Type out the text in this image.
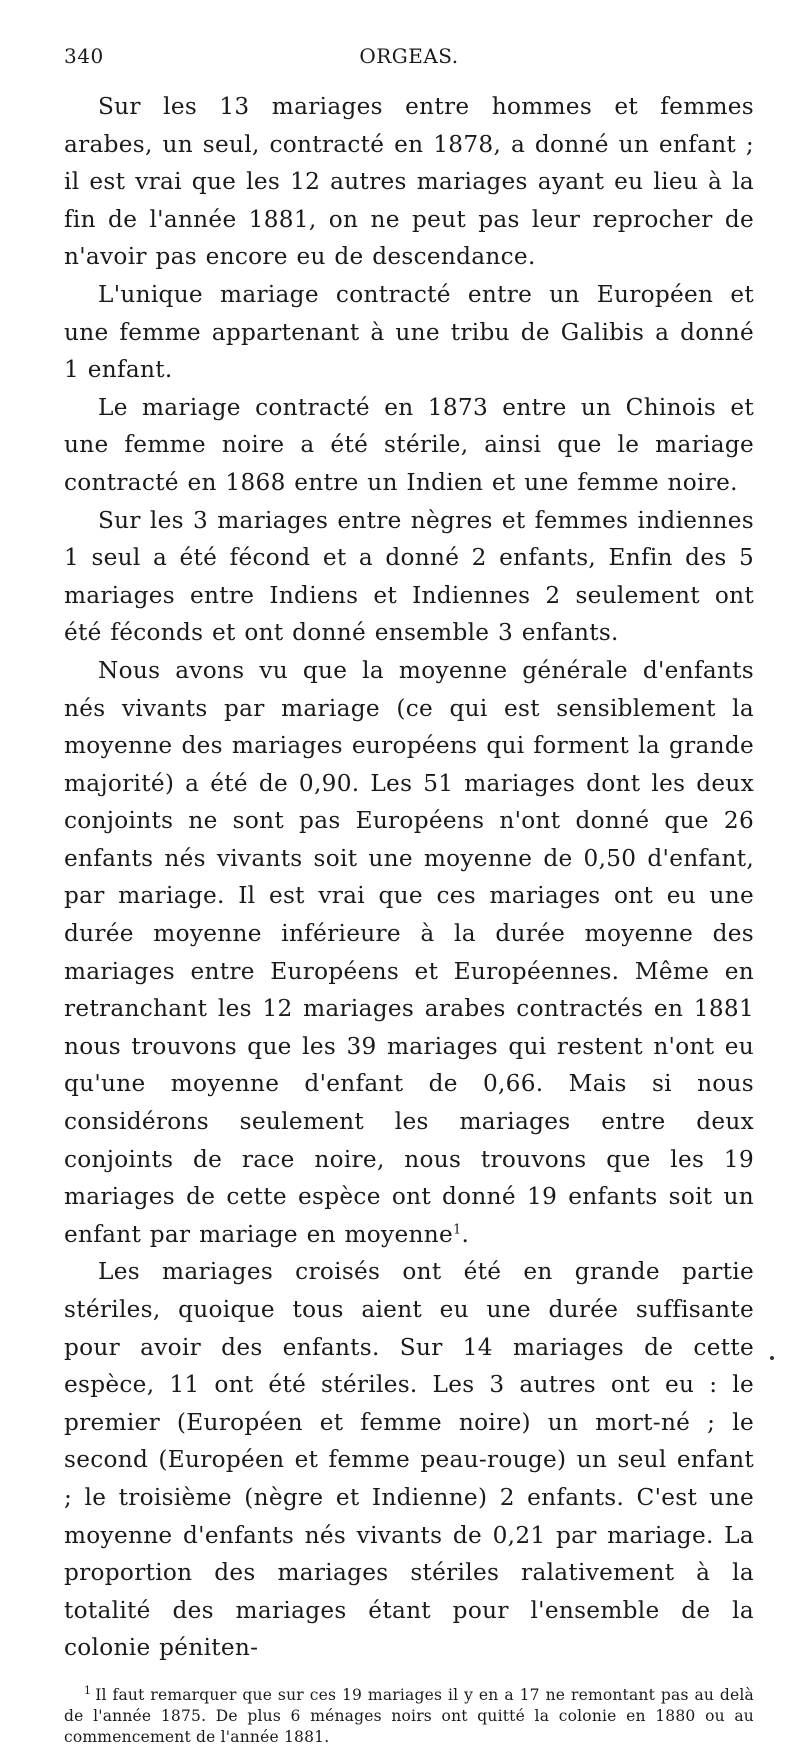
340	ORGEAS.

Sur les 13 mariages entre hommes et femmes arabes, un seul, contracté en 1878, a donné un enfant ; il est vrai que les 12 autres mariages ayant eu lieu à la fin de l'année 1881, on ne peut pas leur reprocher de n'avoir pas encore eu de descendance.

L'unique mariage contracté entre un Européen et une femme appartenant à une tribu de Galibis a donné 1 enfant.

Le mariage contracté en 1873 entre un Chinois et une femme noire a été stérile, ainsi que le mariage contracté en 1868 entre un Indien et une femme noire.

Sur les 3 mariages entre nègres et femmes indiennes 1 seul a été fécond et a donné 2 enfants, Enfin des 5 mariages entre Indiens et Indiennes 2 seulement ont été féconds et ont donné ensemble 3 enfants.

Nous avons vu que la moyenne générale d'enfants nés vivants par mariage (ce qui est sensiblement la moyenne des mariages européens qui forment la grande majorité) a été de 0,90. Les 51 mariages dont les deux conjoints ne sont pas Européens n'ont donné que 26 enfants nés vivants soit une moyenne de 0,50 d'enfant, par mariage. Il est vrai que ces mariages ont eu une durée moyenne inférieure à la durée moyenne des mariages entre Européens et Européennes. Même en retranchant les 12 mariages arabes contractés en 1881 nous trouvons que les 39 mariages qui restent n'ont eu qu'une moyenne d'enfant de 0,66. Mais si nous considérons seulement les mariages entre deux conjoints de race noire, nous trouvons que les 19 mariages de cette espèce ont donné 19 enfants soit un enfant par mariage en moyenne$^1$.

Les mariages croisés ont été en grande partie stériles, quoique tous aient eu une durée suffisante pour avoir des enfants. Sur 14 mariages de cette espèce, 11 ont été stériles. Les 3 autres ont eu : le premier (Européen et femme noire) un mort-né ; le second (Européen et femme peau-rouge) un seul enfant ; le troisième (nègre et Indienne) 2 enfants. C'est une moyenne d'enfants nés vivants de 0,21 par mariage. La proportion des mariages stériles ralativement à la totalité des mariages étant pour l'ensemble de la colonie péniten-

$^1$ Il faut remarquer que sur ces 19 mariages il y en a 17 ne remontant pas au delà de l'année 1875. De plus 6 ménages noirs ont quitté la colonie en 1880 ou au commencement de l'année 1881.
